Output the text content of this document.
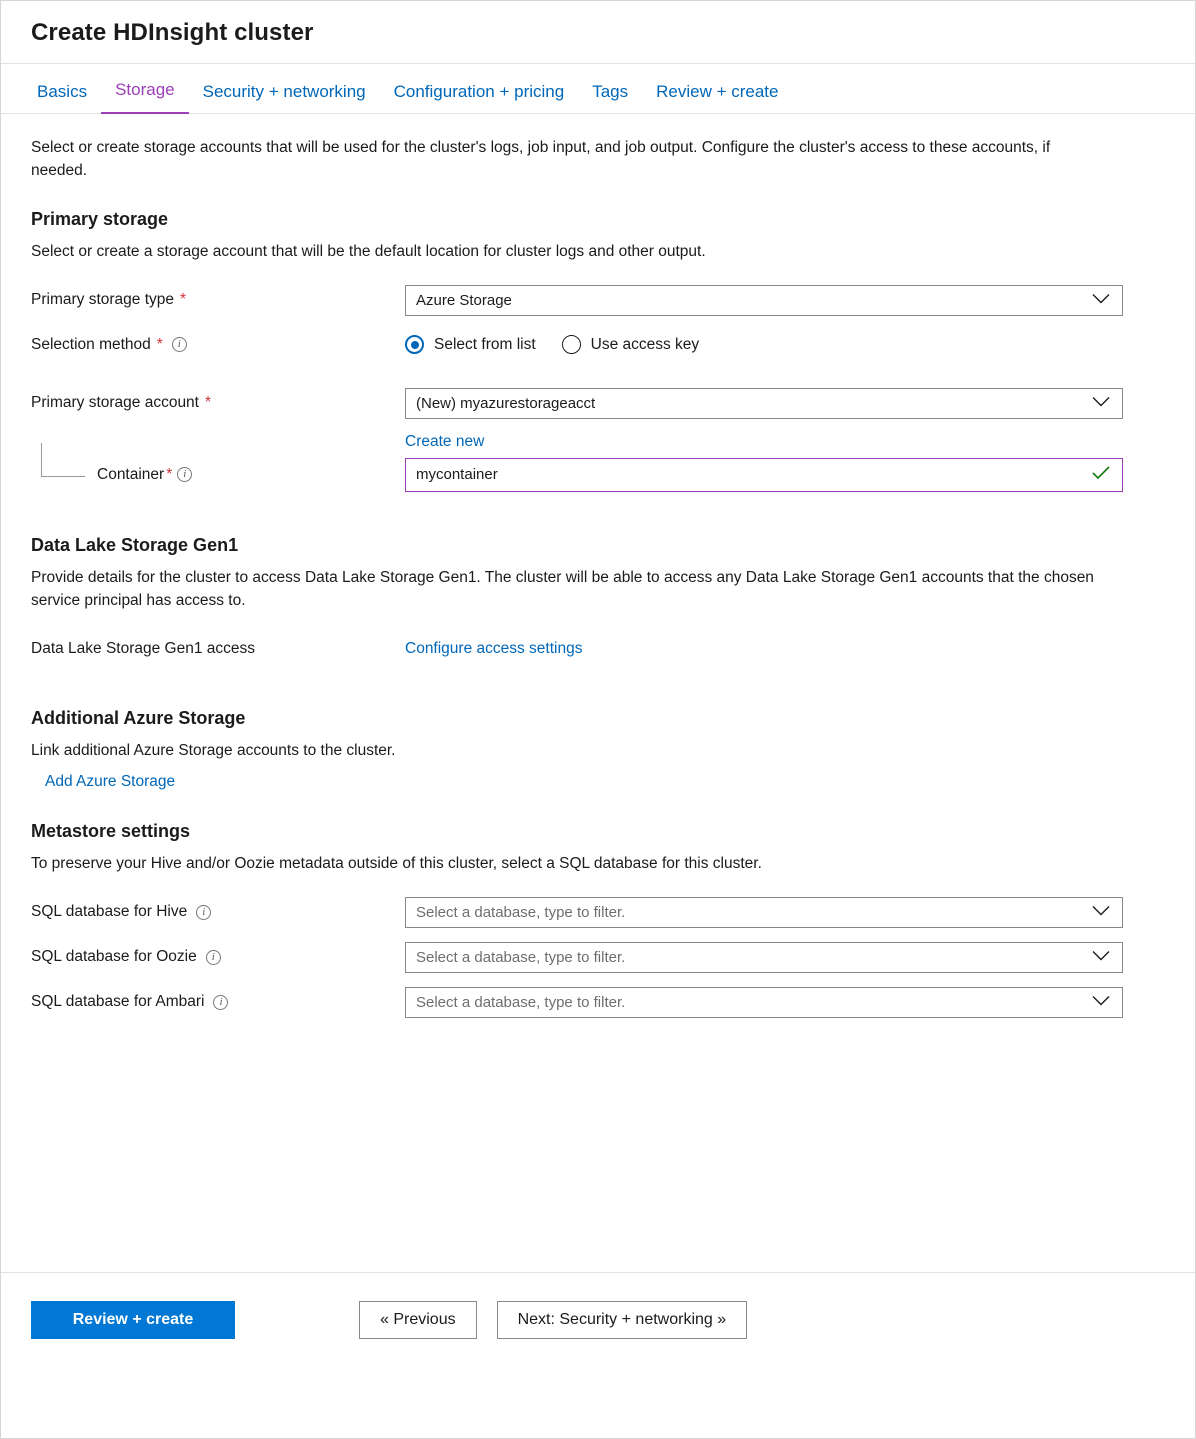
Create HDInsight cluster
Basics	Storage	Security + networking	Configuration + pricing	Tags	Review + create
Select or create storage accounts that will be used for the cluster's logs, job input, and job output. Configure the cluster's access to these accounts, if needed.
Primary storage

Select or create a storage account that will be the default location for cluster logs and other output.

Primary storage type *	Azure Storage
Selection method *	i	Select from list	Use access key
Primary storage account *	(New) myazurestorageacct
Create new
Container * i	mycontainer
Data Lake Storage Gen1

Provide details for the cluster to access Data Lake Storage Gen1. The cluster will be able to access any Data Lake Storage Gen1 accounts that the chosen service principal has access to.

Data Lake Storage Gen1 access	Configure access settings
Additional Azure Storage

Link additional Azure Storage accounts to the cluster.

Add Azure Storage
Metastore settings

To preserve your Hive and/or Oozie metadata outside of this cluster, select a SQL database for this cluster.

SQL database for Hive	i	Select a database, type to filter.
SQL database for Oozie	i	Select a database, type to filter.
SQL database for Ambari	i	Select a database, type to filter.
Review + create	« Previous	Next: Security + networking »
